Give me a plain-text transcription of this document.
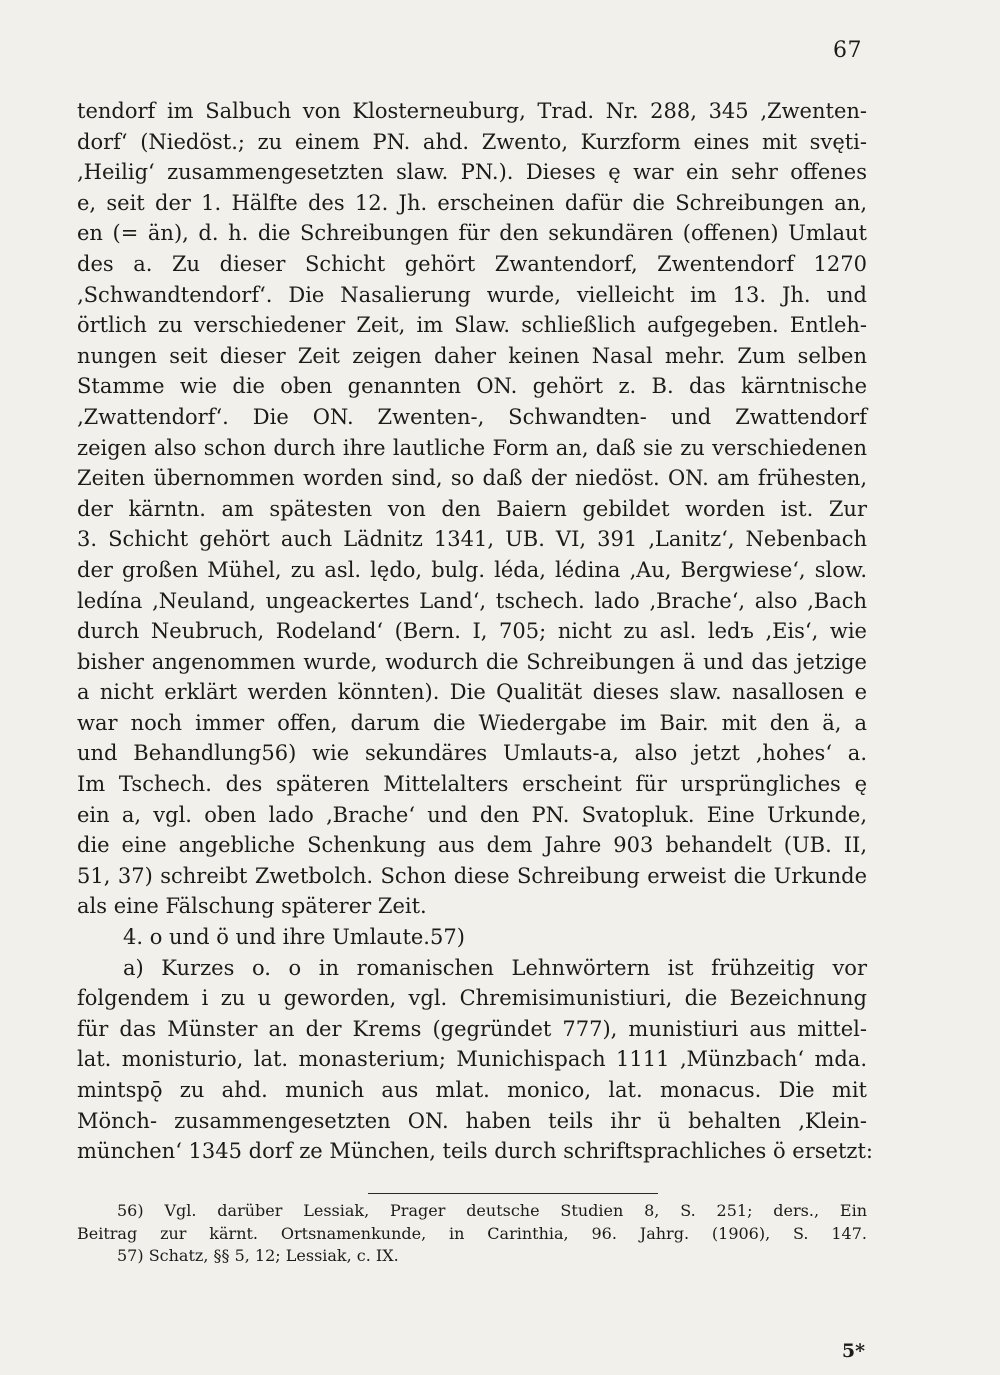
67
tendorf im Salbuch von Klosterneuburg, Trad. Nr. 288, 345 ‚Zwenten-
dorf‘ (Niedöst.; zu einem PN. ahd. Zwento, Kurzform eines mit svęti-
‚Heilig‘ zusammengesetzten slaw. PN.). Dieses ę war ein sehr offenes
e, seit der 1. Hälfte des 12. Jh. erscheinen dafür die Schreibungen an,
en (= än), d. h. die Schreibungen für den sekundären (offenen) Umlaut
des a. Zu dieser Schicht gehört Zwantendorf, Zwentendorf 1270
‚Schwandtendorf‘. Die Nasalierung wurde, vielleicht im 13. Jh. und
örtlich zu verschiedener Zeit, im Slaw. schließlich aufgegeben. Entleh-
nungen seit dieser Zeit zeigen daher keinen Nasal mehr. Zum selben
Stamme wie die oben genannten ON. gehört z. B. das kärntnische
‚Zwattendorf‘. Die ON. Zwenten-, Schwandten- und Zwattendorf
zeigen also schon durch ihre lautliche Form an, daß sie zu verschiedenen
Zeiten übernommen worden sind, so daß der niedöst. ON. am frühesten,
der kärntn. am spätesten von den Baiern gebildet worden ist. Zur
3. Schicht gehört auch Lädnitz 1341, UB. VI, 391 ‚Lanitz‘, Nebenbach
der großen Mühel, zu asl. lędo, bulg. léda, lédina ‚Au, Bergwiese‘, slow.
ledína ‚Neuland, ungeackertes Land‘, tschech. lado ‚Brache‘, also ‚Bach
durch Neubruch, Rodeland‘ (Bern. I, 705; nicht zu asl. ledъ ‚Eis‘, wie
bisher angenommen wurde, wodurch die Schreibungen ä und das jetzige
a nicht erklärt werden könnten). Die Qualität dieses slaw. nasallosen e
war noch immer offen, darum die Wiedergabe im Bair. mit den ä, a
und Behandlung56) wie sekundäres Umlauts-a, also jetzt ‚hohes‘ a.
Im Tschech. des späteren Mittelalters erscheint für ursprüngliches ę
ein a, vgl. oben lado ‚Brache‘ und den PN. Svatopluk. Eine Urkunde,
die eine angebliche Schenkung aus dem Jahre 903 behandelt (UB. II,
51, 37) schreibt Zwetbolch. Schon diese Schreibung erweist die Urkunde
als eine Fälschung späterer Zeit.
4. o und ö und ihre Umlaute.57)
a) Kurzes o. o in romanischen Lehnwörtern ist frühzeitig vor
folgendem i zu u geworden, vgl. Chremisimunistiuri, die Bezeichnung
für das Münster an der Krems (gegründet 777), munistiuri aus mittel-
lat. monisturio, lat. monasterium; Munichispach 1111 ‚Münzbach‘ mda.
mintspǭ zu ahd. munich aus mlat. monico, lat. monacus. Die mit
Mönch- zusammengesetzten ON. haben teils ihr ü behalten ‚Klein-
münchen‘ 1345 dorf ze München, teils durch schriftsprachliches ö ersetzt:
56) Vgl. darüber Lessiak, Prager deutsche Studien 8, S. 251; ders., Ein
Beitrag zur kärnt. Ortsnamenkunde, in Carinthia, 96. Jahrg. (1906), S. 147.
57) Schatz, §§ 5, 12; Lessiak, c. IX.
5*
